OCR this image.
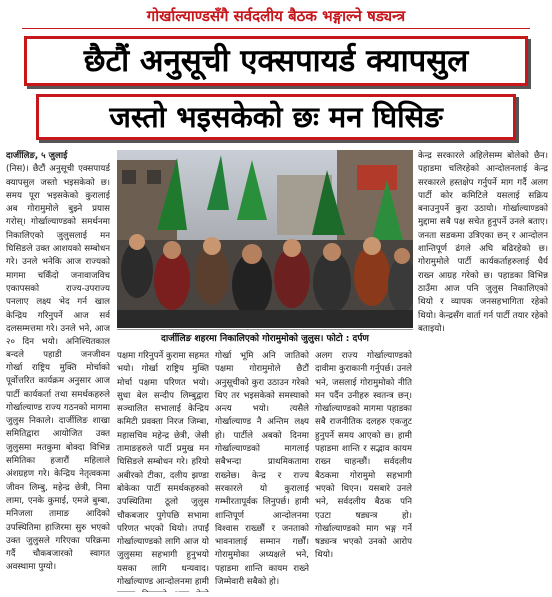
गोर्खाल्याण्डसँगै सर्वदलीय बैठक भङ्गाल्ने षड्यन्त्र
छैटौं अनुसूची एक्सपायर्ड क्यापसुल
जस्तो भइसकेको छः मन घिसिङ

दार्जीलिङ, ५ जुलाई

(निस)। छैटौं अनुसूची एक्सपायर्ड क्यापसुल जस्तो भइसकेको छ। समय पूरा भइसकेको कुरालाई अब गोरामुमोले बुझ्ने प्रयास गरोस्। गोर्खाल्याण्डको समर्थनमा निकालिएको जुलुसलाई मन घिसिङले उक्त आशयको सम्बोधन गरे। उनले भनेकि आज राज्यको मागमा चर्किँदो जनावाजविच एकापसको राज्य-उपराज्य पनलाए लक्ष्य भेद गर्न खाल केन्द्रिय गरिनुपर्ने आज सर्व दलसम्मत्तमा गरे। उनले भने, आज २० दिन भयो। अनिश्चितकाल बन्दले पहाडी जनजीवन

दार्जीलिङ शहरमा निकालिएको गोरामुमोको जुलुस। फोटो : दर्पण

गोर्खा राष्ट्रिय मुक्ति मोर्चाको पूर्वोत्तरित कार्यक्रम अनुसार आज पार्टी कार्यकर्ता तथा समर्थकहरुले गोर्खाल्याण्ड राज्य गठनको मागमा जुलुस निकाले। दार्जीलिङ शाखा समितिद्वारा आयोजित उक्त जुलुसमा मतकुमा बोक्दा विभिन्न समितिका हजारौं महिलाले अंशग्रहण गरे। केन्द्रिय नेतृत्वकमा जीवन लिम्बु, महेन्द्र छेत्री, निमा लामा, एनके कुमाई, एमजे बुम्बा, मनिजला तामाङ आदिको उपस्थितिमा हाजिरमा सुरु भएको उक्त जुलुसले गरिएका परिक्रमा गर्दै चौकबजारको स्वागत अवस्थामा पुग्यो।

पक्षमा गरिनुपर्ने कुरामा सहमत भयो। गोर्खा राष्ट्रिय मुक्ति मोर्चा पक्षमा परिणत भयो। सुधा बेल सन्दीप लिम्बुद्वारा सञ्चालित सभालाई केन्द्रिय कमिटी प्रवक्ता निरज जिम्बा, महासचिव महेन्द्र छेत्री, जेसी तामाङहरुले पार्टी प्रमुख मन घिसिङले सम्बोधन गरे। हरियो अबीरको टीका, दलीय झण्डा बोकेका पार्टी समर्थकहरुको उपस्थितिमा ठूलो जुलुस चौकबजार पुगेपछि सभामा परिणत भएको थियो। तपाईं गोर्खाल्याण्डको लागि आज यो जुलुसमा सहभागी हुनुभयो यसका लागि धन्यवाद। गोर्खाल्याण्ड आन्दोलनमा हामी

गोर्खा भूमि अनि जातिको पक्षमा गोरामुमोले छैटौं अनुसूचीको कुरा उठाउन गरेको थिए तर भइसकेको समस्याको अन्त्य भयो। त्यसैले गोर्खाल्याण्ड नै अन्तिम लक्ष्य हो। पार्टीले अबको दिनमा गोर्खाल्याण्डको मागलाई सबैभन्दा प्राथमिकतामा राख्नेछ। केन्द्र र राज्य सरकारले यो कुरालाई गम्भीरतापूर्वक लिनुपर्छ। हामी शान्तिपूर्ण आन्दोलनमा विश्वास राख्छौं र जनताको भावनालाई सम्मान गर्छौं। गोरामुमोका अध्यक्षले भने, पहाडमा शान्ति कायम राख्ने जिम्मेवारी सबैको हो।

अलग राज्य गोर्खाल्याण्डको दावीमा कुराकानी गर्नुपर्छ। उनले भने, जसलाई गोरामुमोको नीति मन पर्दैन उनीहरु स्वतन्त्र छन्। गोर्खाल्याण्डको मागमा पहाडका सबै राजनीतिक दलहरु एकजुट हुनुपर्ने समय आएको छ। हामी पहाडमा शान्ति र सद्भाव कायम राख्न चाहन्छौं। सर्वदलीय बैठकमा गोरामुमो सहभागी भएको थिएन। यसबारे उनले भने, सर्वदलीय बैठक पनि एउटा षड्यन्त्र हो। गोर्खाल्याण्डको माग भङ्ग गर्ने षड्यन्त्र भएको उनको आरोप थियो।

केन्द्र सरकारले अहिलेसम्म बोलेको छैन। पहाडमा चलिरहेको आन्दोलनलाई केन्द्र सरकारले हस्तक्षेप गर्नुपर्ने माग गर्दै अलग पार्टी कोर कमिटिले यसलाई सक्रिय बनाउनुपर्ने कुरा उठायो। गोर्खाल्याण्डको मुद्दामा सबै पक्ष सचेत हुनुपर्ने उनले बताए। जनता सडकमा उत्रिएका छन् र आन्दोलन शान्तिपूर्ण ढंगले अघि बढिरहेको छ। गोरामुमोले पार्टी कार्यकर्ताहरुलाई धैर्य राख्न आग्रह गरेको छ। पहाडका विभिन्न ठाउँमा आज पनि जुलुस निकालिएको थियो र व्यापक जनसहभागिता रहेको थियो। केन्द्रसँग वार्ता गर्न पार्टी तयार रहेको बताइयो।
